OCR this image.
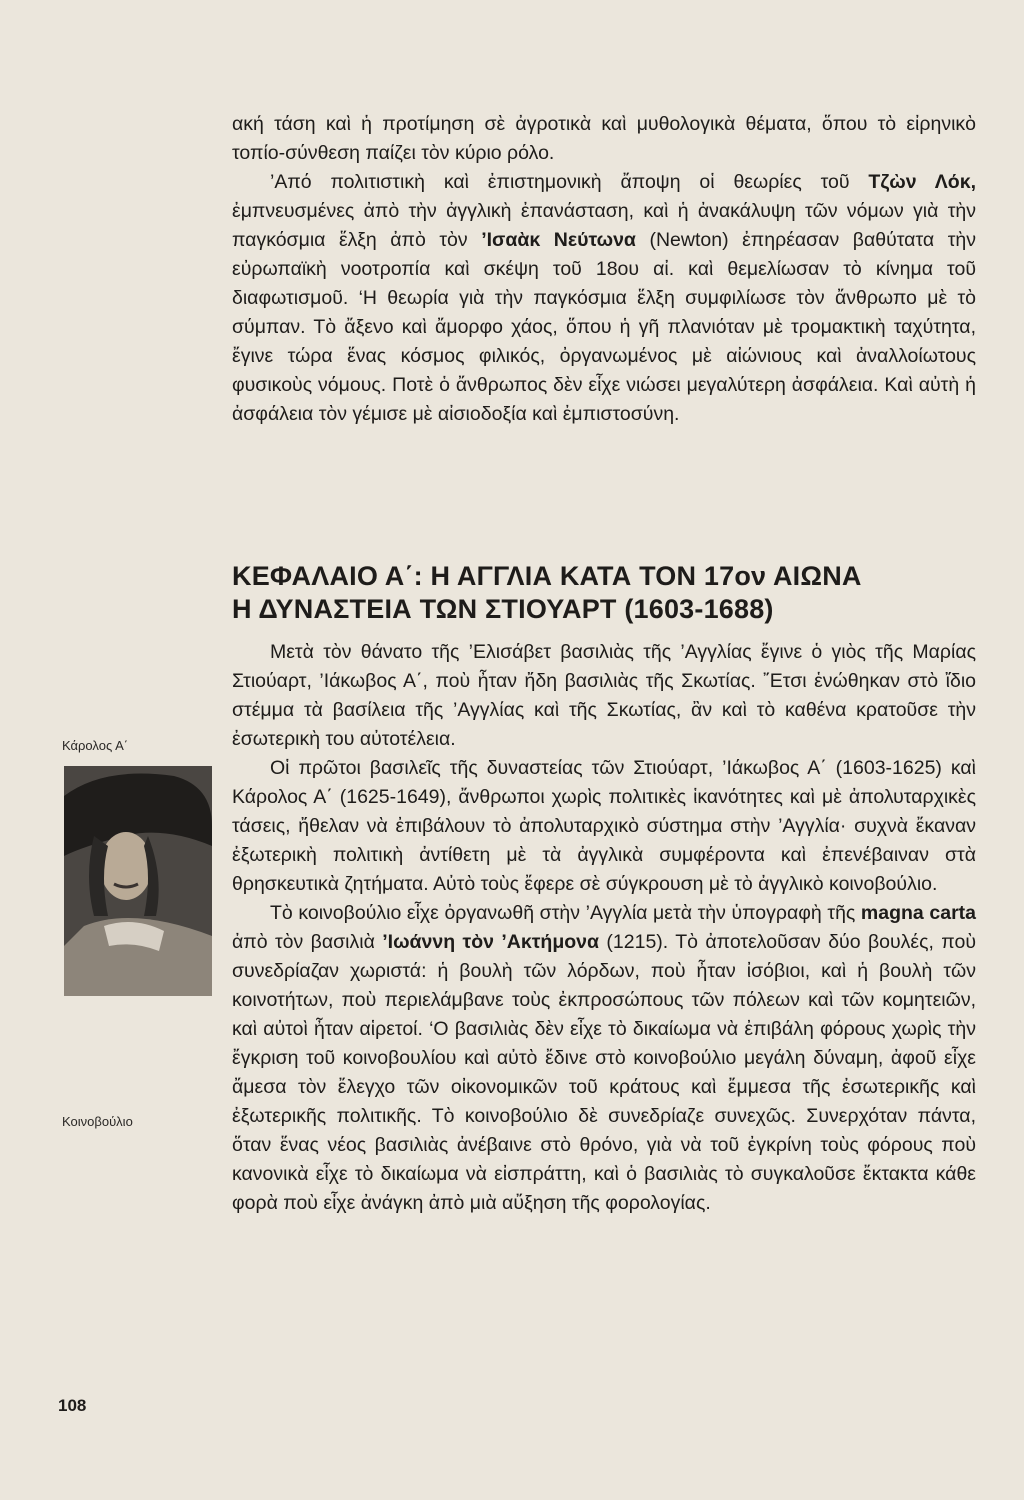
ακή τάση καὶ ἡ προτίμηση σὲ ἀγροτικὰ καὶ μυθολογικὰ θέματα, ὅπου τὸ εἰρηνικὸ τοπίο-σύνθεση παίζει τὸν κύριο ρόλο.

’Από πολιτιστικὴ καὶ ἐπιστημονικὴ ἄποψη οἱ θεωρίες τοῦ Τζὼν Λόκ, ἐμπνευσμένες ἀπὸ τὴν ἀγγλικὴ ἐπανάσταση, καὶ ἡ ἀνακάλυψη τῶν νόμων γιὰ τὴν παγκόσμια ἕλξη ἀπὸ τὸν ’Ισαὰκ Νεύτωνα (Newton) ἐπηρέασαν βαθύτατα τὴν εὐρωπαϊκὴ νοοτροπία καὶ σκέψη τοῦ 18ου αἰ. καὶ θεμελίωσαν τὸ κίνημα τοῦ διαφωτισμοῦ. ‘Η θεωρία γιὰ τὴν παγκόσμια ἕλξη συμφιλίωσε τὸν ἄνθρωπο μὲ τὸ σύμπαν. Τὸ ἄξενο καὶ ἄμορφο χάος, ὅπου ἡ γῆ πλανιόταν μὲ τρομακτικὴ ταχύτητα, ἔγινε τώρα ἕνας κόσμος φιλικός, ὀργανωμένος μὲ αἰώνιους καὶ ἀναλλοίωτους φυσικοὺς νόμους. Ποτὲ ὁ ἄνθρωπος δὲν εἶχε νιώσει μεγαλύτερη ἀσφάλεια. Καὶ αὐτὴ ἡ ἀσφάλεια τὸν γέμισε μὲ αἰσιοδοξία καὶ ἐμπιστοσύνη.

ΚΕΦΑΛΑΙΟ Α΄: Η ΑΓΓΛΙΑ ΚΑΤΑ ΤΟΝ 17ον ΑΙΩΝΑ
Η ΔΥΝΑΣΤΕΙΑ ΤΩΝ ΣΤΙΟΥΑΡΤ (1603-1688)

Μετὰ τὸν θάνατο τῆς ’Ελισάβετ βασιλιὰς τῆς ’Αγγλίας ἔγινε ὁ γιὸς τῆς Μαρίας Στιούαρτ, ’Ιάκωβος Α΄, ποὺ ἦταν ἤδη βασιλιὰς τῆς Σκωτίας. ῎Ετσι ἑνώθηκαν στὸ ἴδιο στέμμα τὰ βασίλεια τῆς ’Αγγλίας καὶ τῆς Σκωτίας, ἂν καὶ τὸ καθένα κρατοῦσε τὴν ἐσωτερικὴ του αὐτοτέλεια.

Οἱ πρῶτοι βασιλεῖς τῆς δυναστείας τῶν Στιούαρτ, ’Ιάκωβος Α΄ (1603-1625) καὶ Κάρολος Α΄ (1625-1649), ἄνθρωποι χωρὶς πολιτικὲς ἱκανότητες καὶ μὲ ἀπολυταρχικὲς τάσεις, ἤθελαν νὰ ἐπιβάλουν τὸ ἀπολυταρχικὸ σύστημα στὴν ’Αγγλία· συχνὰ ἔκαναν ἐξωτερικὴ πολιτικὴ ἀντίθετη μὲ τὰ ἀγγλικὰ συμφέροντα καὶ ἐπενέβαιναν στὰ θρησκευτικὰ ζητήματα. Αὐτὸ τοὺς ἔφερε σὲ σύγκρουση μὲ τὸ ἀγγλικὸ κοινοβούλιο.

Τὸ κοινοβούλιο εἶχε ὀργανωθῆ στὴν ’Αγγλία μετὰ τὴν ὑπογραφὴ τῆς magna carta ἀπὸ τὸν βασιλιὰ ’Ιωάννη τὸν ’Ακτήμονα (1215). Τὸ ἀποτελοῦσαν δύο βουλές, ποὺ συνεδρίαζαν χωριστά: ἡ βουλὴ τῶν λόρδων, ποὺ ἦταν ἰσόβιοι, καὶ ἡ βουλὴ τῶν κοινοτήτων, ποὺ περιελάμβανε τοὺς ἐκπροσώπους τῶν πόλεων καὶ τῶν κομητειῶν, καὶ αὐτοὶ ἦταν αἱρετοί. ‘Ο βασιλιὰς δὲν εἶχε τὸ δικαίωμα νὰ ἐπιβάλη φόρους χωρὶς τὴν ἔγκριση τοῦ κοινοβουλίου καὶ αὐτὸ ἔδινε στὸ κοινοβούλιο μεγάλη δύναμη, ἀφοῦ εἶχε ἄμεσα τὸν ἔλεγχο τῶν οἰκονομικῶν τοῦ κράτους καὶ ἔμμεσα τῆς ἐσωτερικῆς καὶ ἐξωτερικῆς πολιτικῆς. Τὸ κοινοβούλιο δὲ συνεδρίαζε συνεχῶς. Συνερχόταν πάντα, ὅταν ἕνας νέος βασιλιὰς ἀνέβαινε στὸ θρόνο, γιὰ νὰ τοῦ ἐγκρίνη τοὺς φόρους ποὺ κανονικὰ εἶχε τὸ δικαίωμα νὰ εἰσπράττη, καὶ ὁ βασιλιὰς τὸ συγκαλοῦσε ἔκτακτα κάθε φορὰ ποὺ εἶχε ἀνάγκη ἀπὸ μιὰ αὔξηση τῆς φορολογίας.

Κάρολος Α΄
Κοινοβούλιο
108
